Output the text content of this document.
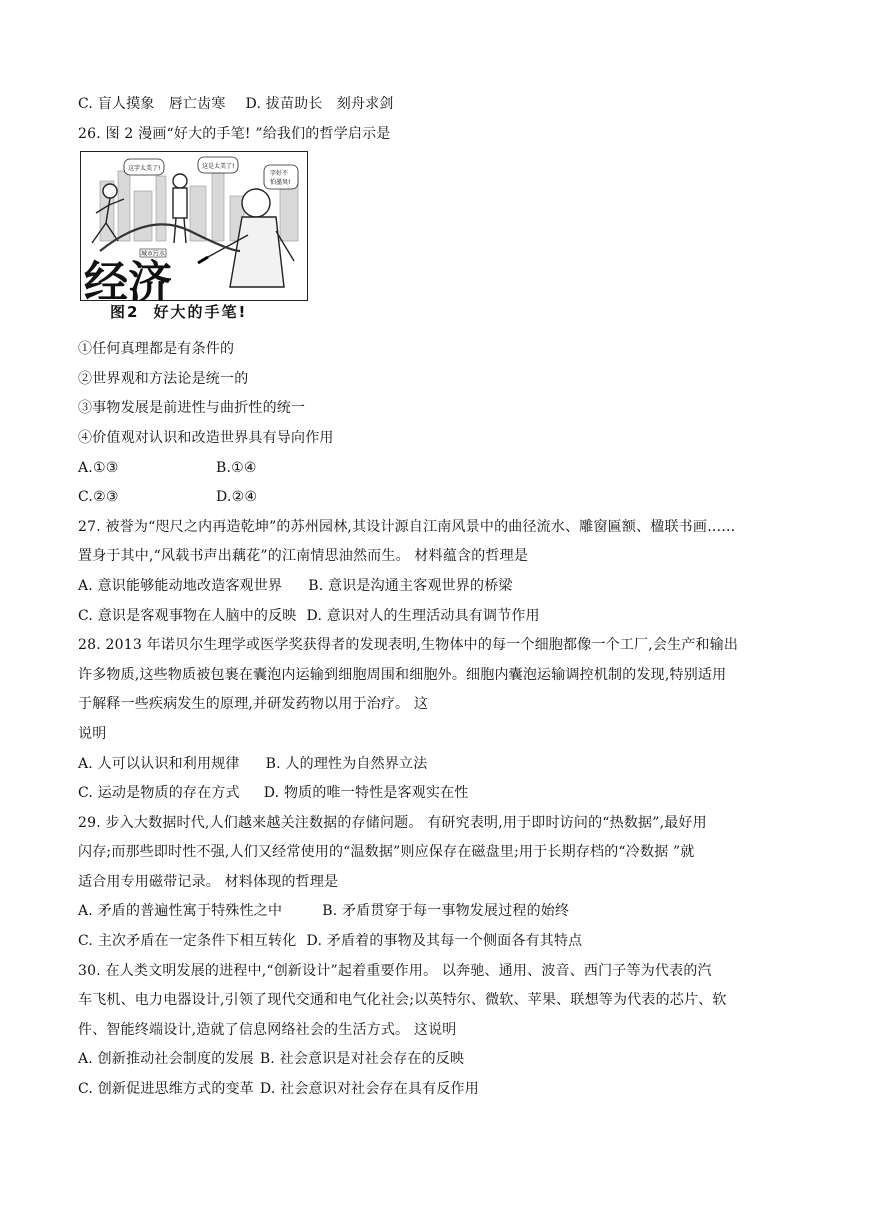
C. 盲人摸象　唇亡齿寒 D. 拔苗助长　刻舟求剑
26. 图 2 漫画“好大的手笔! ”给我们的哲学启示是
这字太美了!	这是太美了!
字好不
怕墨臭!
城市污水
经济
图2 好大的手笔!
①任何真理都是有条件的
②世界观和方法论是统一的
③事物发展是前进性与曲折性的统一
④价值观对认识和改造世界具有导向作用
A.①③	B.①④
C.②③	D.②④
27. 被誉为“咫尺之内再造乾坤”的苏州园林,其设计源自江南风景中的曲径流水、雕窗匾额、楹联书画……
置身于其中,“风载书声出藕花”的江南情思油然而生。 材料蕴含的哲理是
A. 意识能够能动地改造客观世界 B. 意识是沟通主客观世界的桥梁
C. 意识是客观事物在人脑中的反映 D. 意识对人的生理活动具有调节作用
28. 2013 年诺贝尔生理学或医学奖获得者的发现表明,生物体中的每一个细胞都像一个工厂,会生产和输出
许多物质,这些物质被包裹在囊泡内运输到细胞周围和细胞外。细胞内囊泡运输调控机制的发现,特别适用
于解释一些疾病发生的原理,并研发药物以用于治疗。 这
说明
A. 人可以认识和利用规律 B. 人的理性为自然界立法
C. 运动是物质的存在方式 D. 物质的唯一特性是客观实在性
29. 步入大数据时代,人们越来越关注数据的存储问题。 有研究表明,用于即时访问的“热数据”,最好用
闪存;而那些即时性不强,人们又经常使用的“温数据”则应保存在磁盘里;用于长期存档的“冷数据 ”就
适合用专用磁带记录。 材料体现的哲理是
A. 矛盾的普遍性寓于特殊性之中	B. 矛盾贯穿于每一事物发展过程的始终
C. 主次矛盾在一定条件下相互转化 D. 矛盾着的事物及其每一个侧面各有其特点
30. 在人类文明发展的进程中,“创新设计”起着重要作用。 以奔驰、通用、波音、西门子等为代表的汽
车飞机、电力电器设计,引领了现代交通和电气化社会;以英特尔、微软、苹果、联想等为代表的芯片、软
件、智能终端设计,造就了信息网络社会的生活方式。 这说明
A. 创新推动社会制度的发展 B. 社会意识是对社会存在的反映
C. 创新促进思维方式的变革 D. 社会意识对社会存在具有反作用
